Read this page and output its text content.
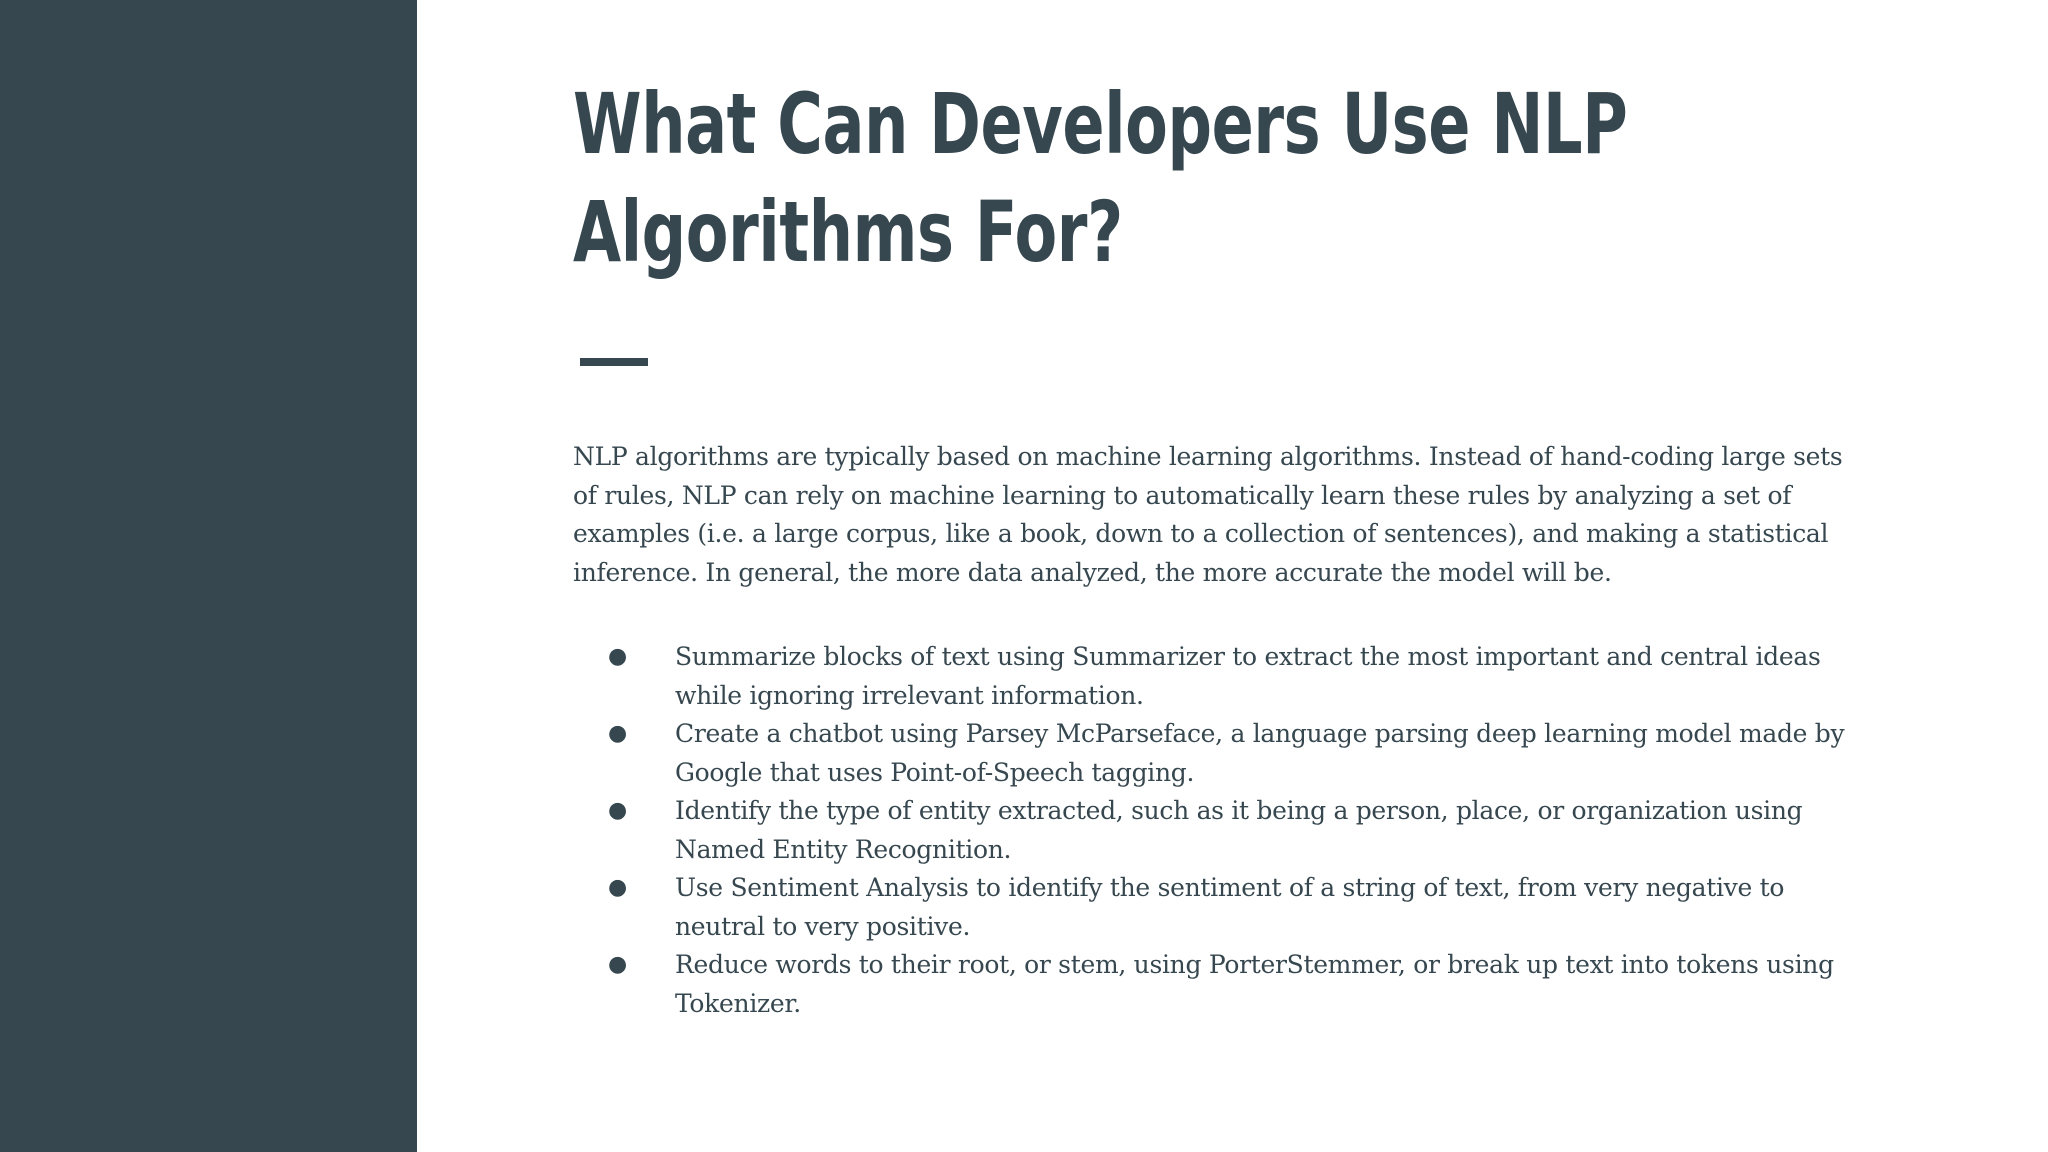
What Can Developers Use NLP Algorithms For?

NLP algorithms are typically based on machine learning algorithms. Instead of hand-coding large sets of rules, NLP can rely on machine learning to automatically learn these rules by analyzing a set of examples (i.e. a large corpus, like a book, down to a collection of sentences), and making a statistical inference. In general, the more data analyzed, the more accurate the model will be.

● Summarize blocks of text using Summarizer to extract the most important and central ideas while ignoring irrelevant information.
● Create a chatbot using Parsey McParseface, a language parsing deep learning model made by Google that uses Point-of-Speech tagging.
● Identify the type of entity extracted, such as it being a person, place, or organization using Named Entity Recognition.
● Use Sentiment Analysis to identify the sentiment of a string of text, from very negative to neutral to very positive.
● Reduce words to their root, or stem, using PorterStemmer, or break up text into tokens using Tokenizer.
